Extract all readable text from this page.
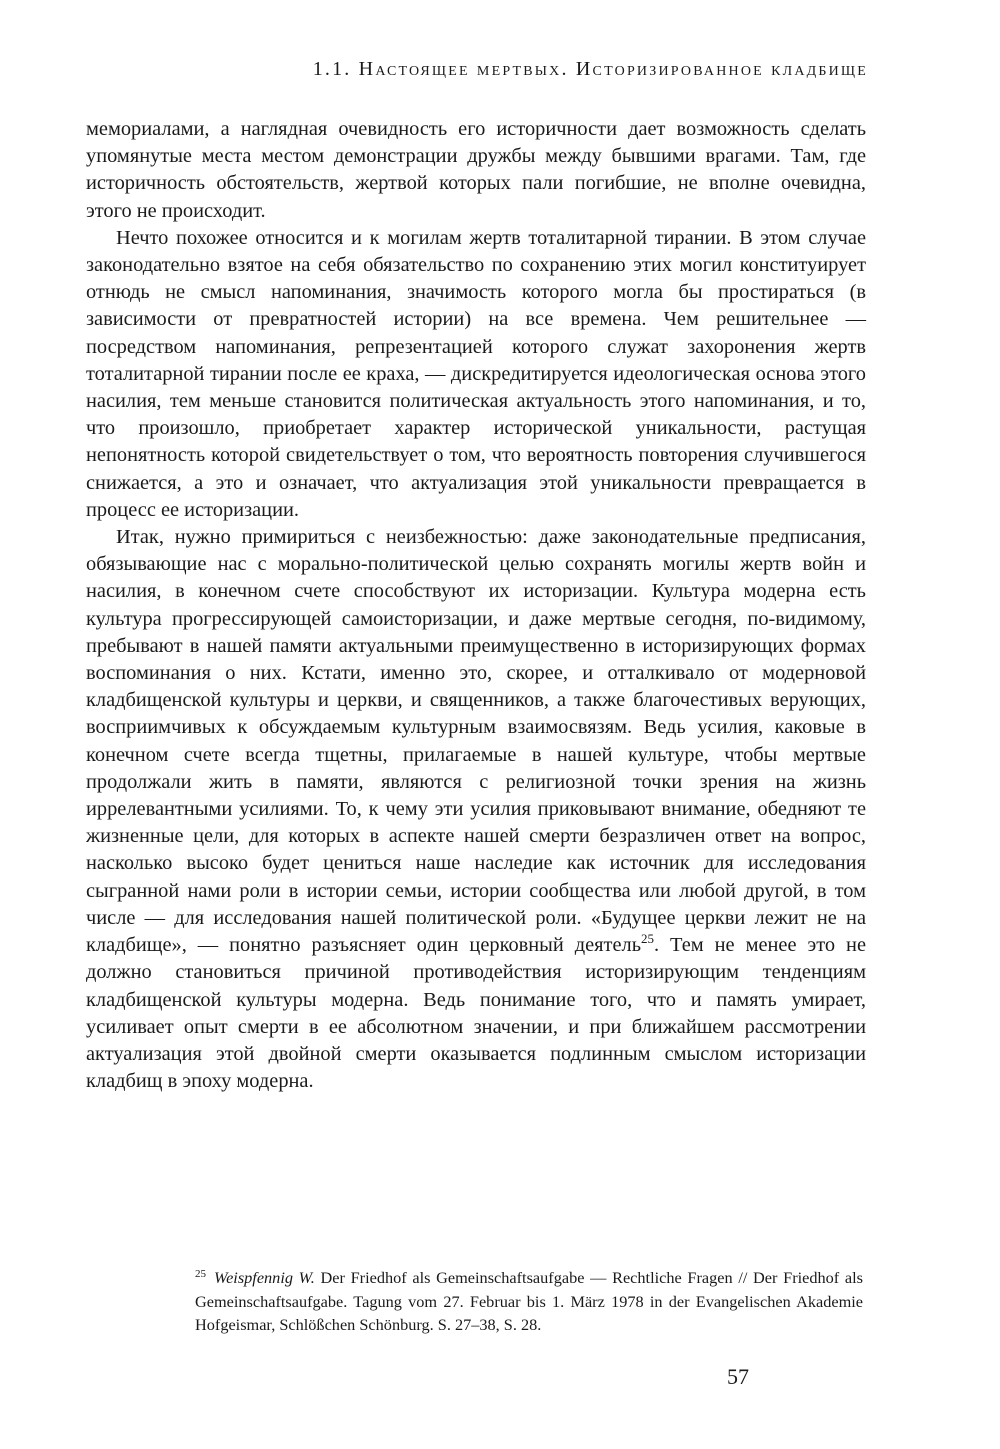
1.1. Настоящее мертвых. Историзированное кладбище

мемориалами, а наглядная очевидность его историчности дает возможность сделать упомянутые места местом демонстрации дружбы между бывшими врагами. Там, где историчность обстоятельств, жертвой которых пали погибшие, не вполне очевидна, этого не происходит.

Нечто похожее относится и к могилам жертв тоталитарной тирании. В этом случае законодательно взятое на себя обязательство по сохранению этих могил конституирует отнюдь не смысл напоминания, значимость которого могла бы простираться (в зависимости от превратностей истории) на все времена. Чем решительнее — посредством напоминания, репрезентацией которого служат захоронения жертв тоталитарной тирании после ее краха, — дискредитируется идеологическая основа этого насилия, тем меньше становится политическая актуальность этого напоминания, и то, что произошло, приобретает характер исторической уникальности, растущая непонятность которой свидетельствует о том, что вероятность повторения случившегося снижается, а это и означает, что актуализация этой уникальности превращается в процесс ее историзации.

Итак, нужно примириться с неизбежностью: даже законодательные предписания, обязывающие нас с морально-политической целью сохранять могилы жертв войн и насилия, в конечном счете способствуют их историзации. Культура модерна есть культура прогрессирующей самоисторизации, и даже мертвые сегодня, по-видимому, пребывают в нашей памяти актуальными преимущественно в историзирующих формах воспоминания о них. Кстати, именно это, скорее, и отталкивало от модерновой кладбищенской культуры и церкви, и священников, а также благочестивых верующих, восприимчивых к обсуждаемым культурным взаимосвязям. Ведь усилия, каковые в конечном счете всегда тщетны, прилагаемые в нашей культуре, чтобы мертвые продолжали жить в памяти, являются с религиозной точки зрения на жизнь иррелевантными усилиями. То, к чему эти усилия приковывают внимание, обедняют те жизненные цели, для которых в аспекте нашей смерти безразличен ответ на вопрос, насколько высоко будет цениться наше наследие как источник для исследования сыгранной нами роли в истории семьи, истории сообщества или любой другой, в том числе — для исследования нашей политической роли. «Будущее церкви лежит не на кладбище», — понятно разъясняет один церковный деятель$^{25}$. Тем не менее это не должно становиться причиной противодействия историзирующим тенденциям кладбищенской культуры модерна. Ведь понимание того, что и память умирает, усиливает опыт смерти в ее абсолютном значении, и при ближайшем рассмотрении актуализация этой двойной смерти оказывается подлинным смыслом историзации кладбищ в эпоху модерна.

$^{25}$ Weispfennig W. Der Friedhof als Gemeinschaftsaufgabe — Rechtliche Fragen // Der Friedhof als Gemeinschaftsaufgabe. Tagung vom 27. Februar bis 1. März 1978 in der Evangelischen Akademie Hofgeismar, Schlößchen Schönburg. S. 27–38, S. 28.

57
